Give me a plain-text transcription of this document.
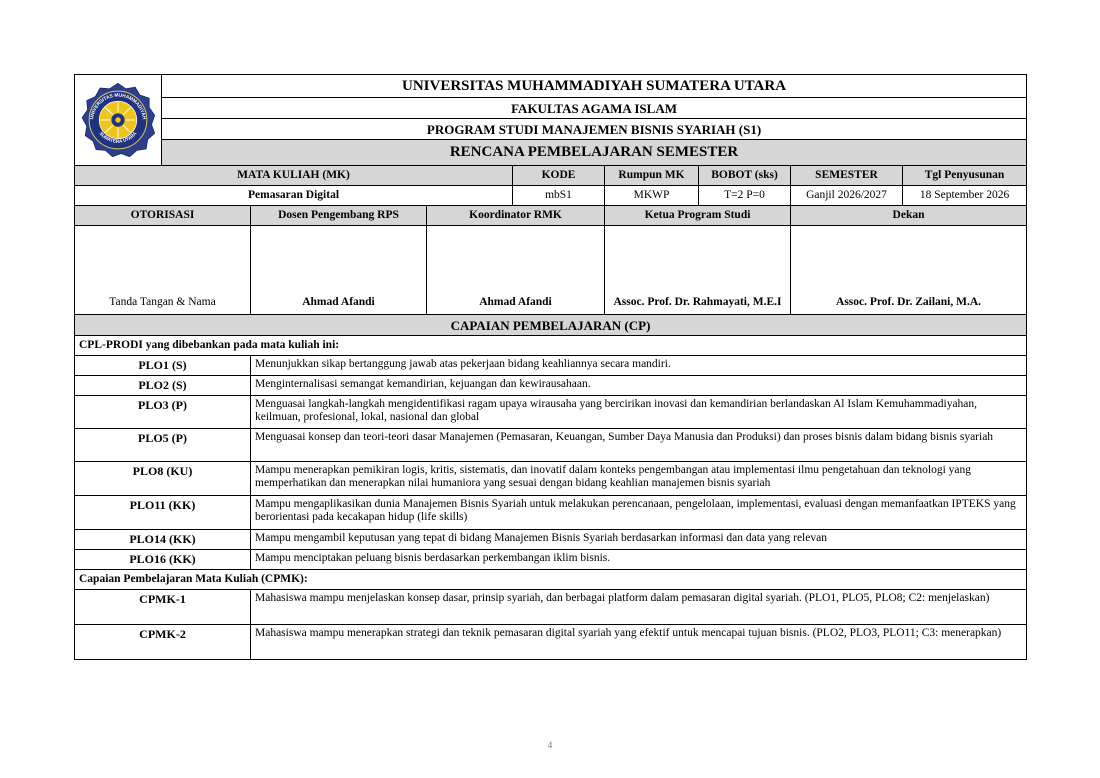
UNIVERSITAS MUHAMMADIYAH
SUMATERA UTARA	UNIVERSITAS MUHAMMADIYAH SUMATERA UTARA							
	FAKULTAS AGAMA ISLAM							
	PROGRAM STUDI MANAJEMEN BISNIS SYARIAH (S1)							
	RENCANA PEMBELAJARAN SEMESTER							
MATA KULIAH (MK)				KODE	Rumpun MK	BOBOT (sks)	SEMESTER	Tgl Penyusunan
Pemasaran Digital				mbS1	MKWP	T=2 P=0	Ganjil 2026/2027	18 September 2026
OTORISASI		Dosen Pengembang RPS	Koordinator RMK		Ketua Program Studi		Dekan	
Tanda Tangan & Nama		Ahmad Afandi	Ahmad Afandi		Assoc. Prof. Dr. Rahmayati, M.E.I		Assoc. Prof. Dr. Zailani, M.A.	
CAPAIAN PEMBELAJARAN (CP)								
CPL-PRODI yang dibebankan pada mata kuliah ini:								
PLO1 (S)		Menunjukkan sikap bertanggung jawab atas pekerjaan bidang keahliannya secara mandiri.						
PLO2 (S)		Menginternalisasi semangat kemandirian, kejuangan dan kewirausahaan.						
PLO3 (P)		Menguasai langkah-langkah mengidentifikasi ragam upaya wirausaha yang bercirikan inovasi dan kemandirian berlandaskan Al Islam Kemuhammadiyahan, keilmuan, profesional, lokal, nasional dan global						
PLO5 (P)		Menguasai konsep dan teori-teori dasar Manajemen (Pemasaran, Keuangan, Sumber Daya Manusia dan Produksi) dan proses bisnis dalam bidang bisnis syariah						
PLO8 (KU)		Mampu menerapkan pemikiran logis, kritis, sistematis, dan inovatif dalam konteks pengembangan atau implementasi ilmu pengetahuan dan teknologi yang memperhatikan dan menerapkan nilai humaniora yang sesuai dengan bidang keahlian manajemen bisnis syariah						
PLO11 (KK)		Mampu mengaplikasikan dunia Manajemen Bisnis Syariah untuk melakukan perencanaan, pengelolaan, implementasi, evaluasi dengan memanfaatkan IPTEKS yang berorientasi pada kecakapan hidup (life skills)						
PLO14 (KK)		Mampu mengambil keputusan yang tepat di bidang Manajemen Bisnis Syariah berdasarkan informasi dan data yang relevan						
PLO16 (KK)		Mampu menciptakan peluang bisnis berdasarkan perkembangan iklim bisnis.						
Capaian Pembelajaran Mata Kuliah (CPMK):								
CPMK-1		Mahasiswa mampu menjelaskan konsep dasar, prinsip syariah, dan berbagai platform dalam pemasaran digital syariah. (PLO1, PLO5, PLO8; C2: menjelaskan)						
CPMK-2		Mahasiswa mampu menerapkan strategi dan teknik pemasaran digital syariah yang efektif untuk mencapai tujuan bisnis. (PLO2, PLO3, PLO11; C3: menerapkan)						
4
